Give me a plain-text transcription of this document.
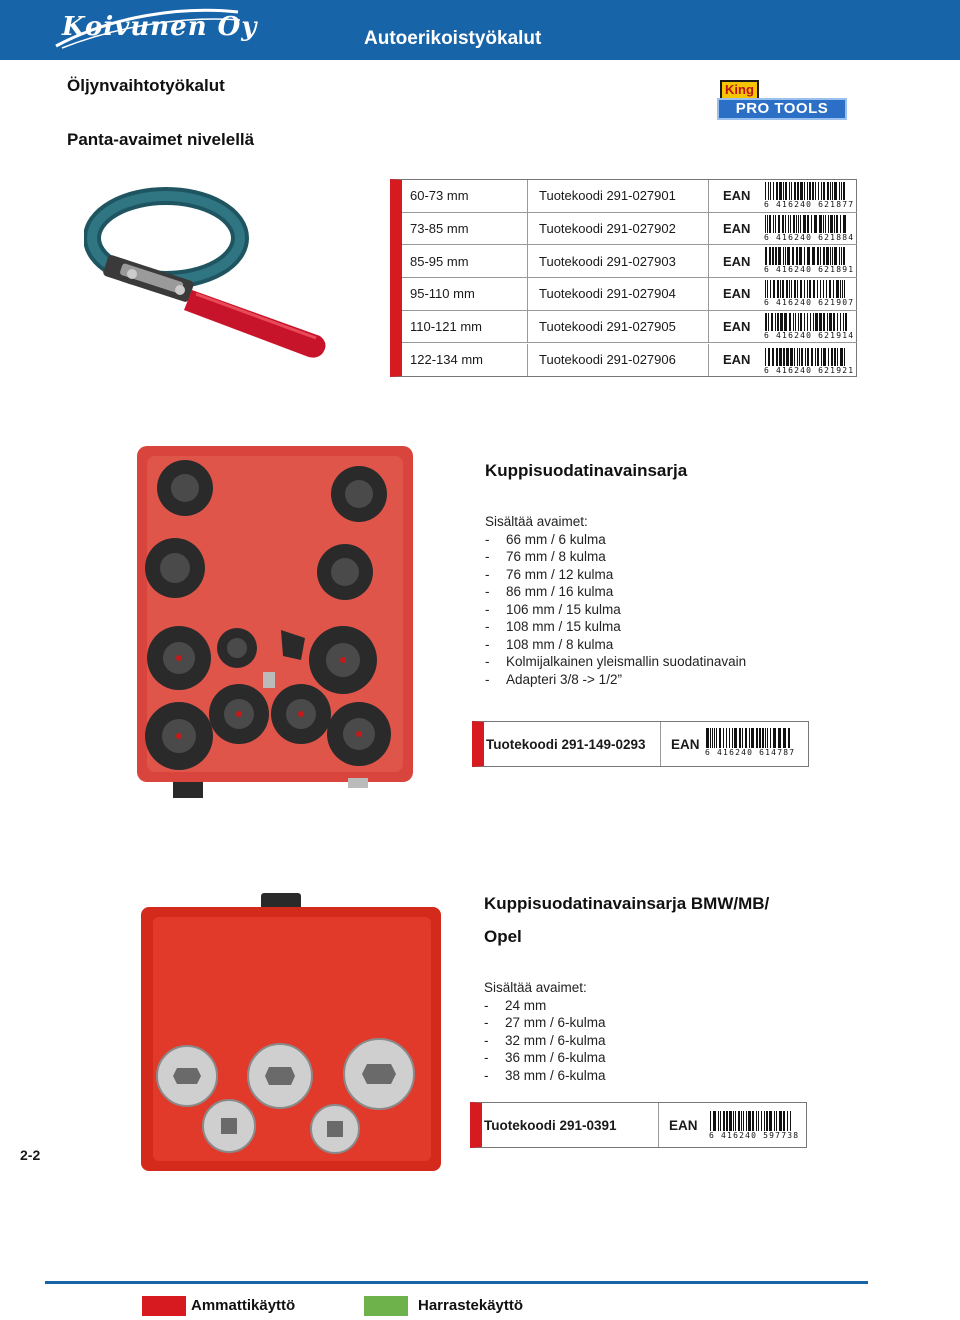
Koivunen Oy	Autoerikoistyökalut
Öljynvaihtotyökalut
Panta-avaimet nivelellä
King
PRO TOOLS
60-73 mm	Tuotekoodi 291-027901	EAN
6 416240 621877
73-85 mm	Tuotekoodi 291-027902	EAN
6 416240 621884
85-95 mm	Tuotekoodi 291-027903	EAN
6 416240 621891
95-110 mm	Tuotekoodi 291-027904	EAN
6 416240 621907
110-121 mm	Tuotekoodi 291-027905	EAN
6 416240 621914
122-134 mm	Tuotekoodi 291-027906	EAN
6 416240 621921
Kuppisuodatinavainsarja
Sisältää avaimet:
- 66 mm / 6 kulma
- 76 mm / 8 kulma
- 76 mm / 12 kulma
- 86 mm / 16 kulma
- 106 mm / 15 kulma
- 108 mm / 15 kulma
- 108 mm / 8 kulma
- Kolmijalkainen yleismallin suodatinavain
- Adapteri 3/8 -> 1/2”
Tuotekoodi 291-149-0293 EAN
6 416240 614787
Kuppisuodatinavainsarja BMW/MB/
Opel
Sisältää avaimet:
- 24 mm
- 27 mm / 6-kulma
- 32 mm / 6-kulma
- 36 mm / 6-kulma
- 38 mm / 6-kulma
Tuotekoodi 291-0391	EAN
6 416240 597738
2-2
Ammattikäyttö	Harrastekäyttö
